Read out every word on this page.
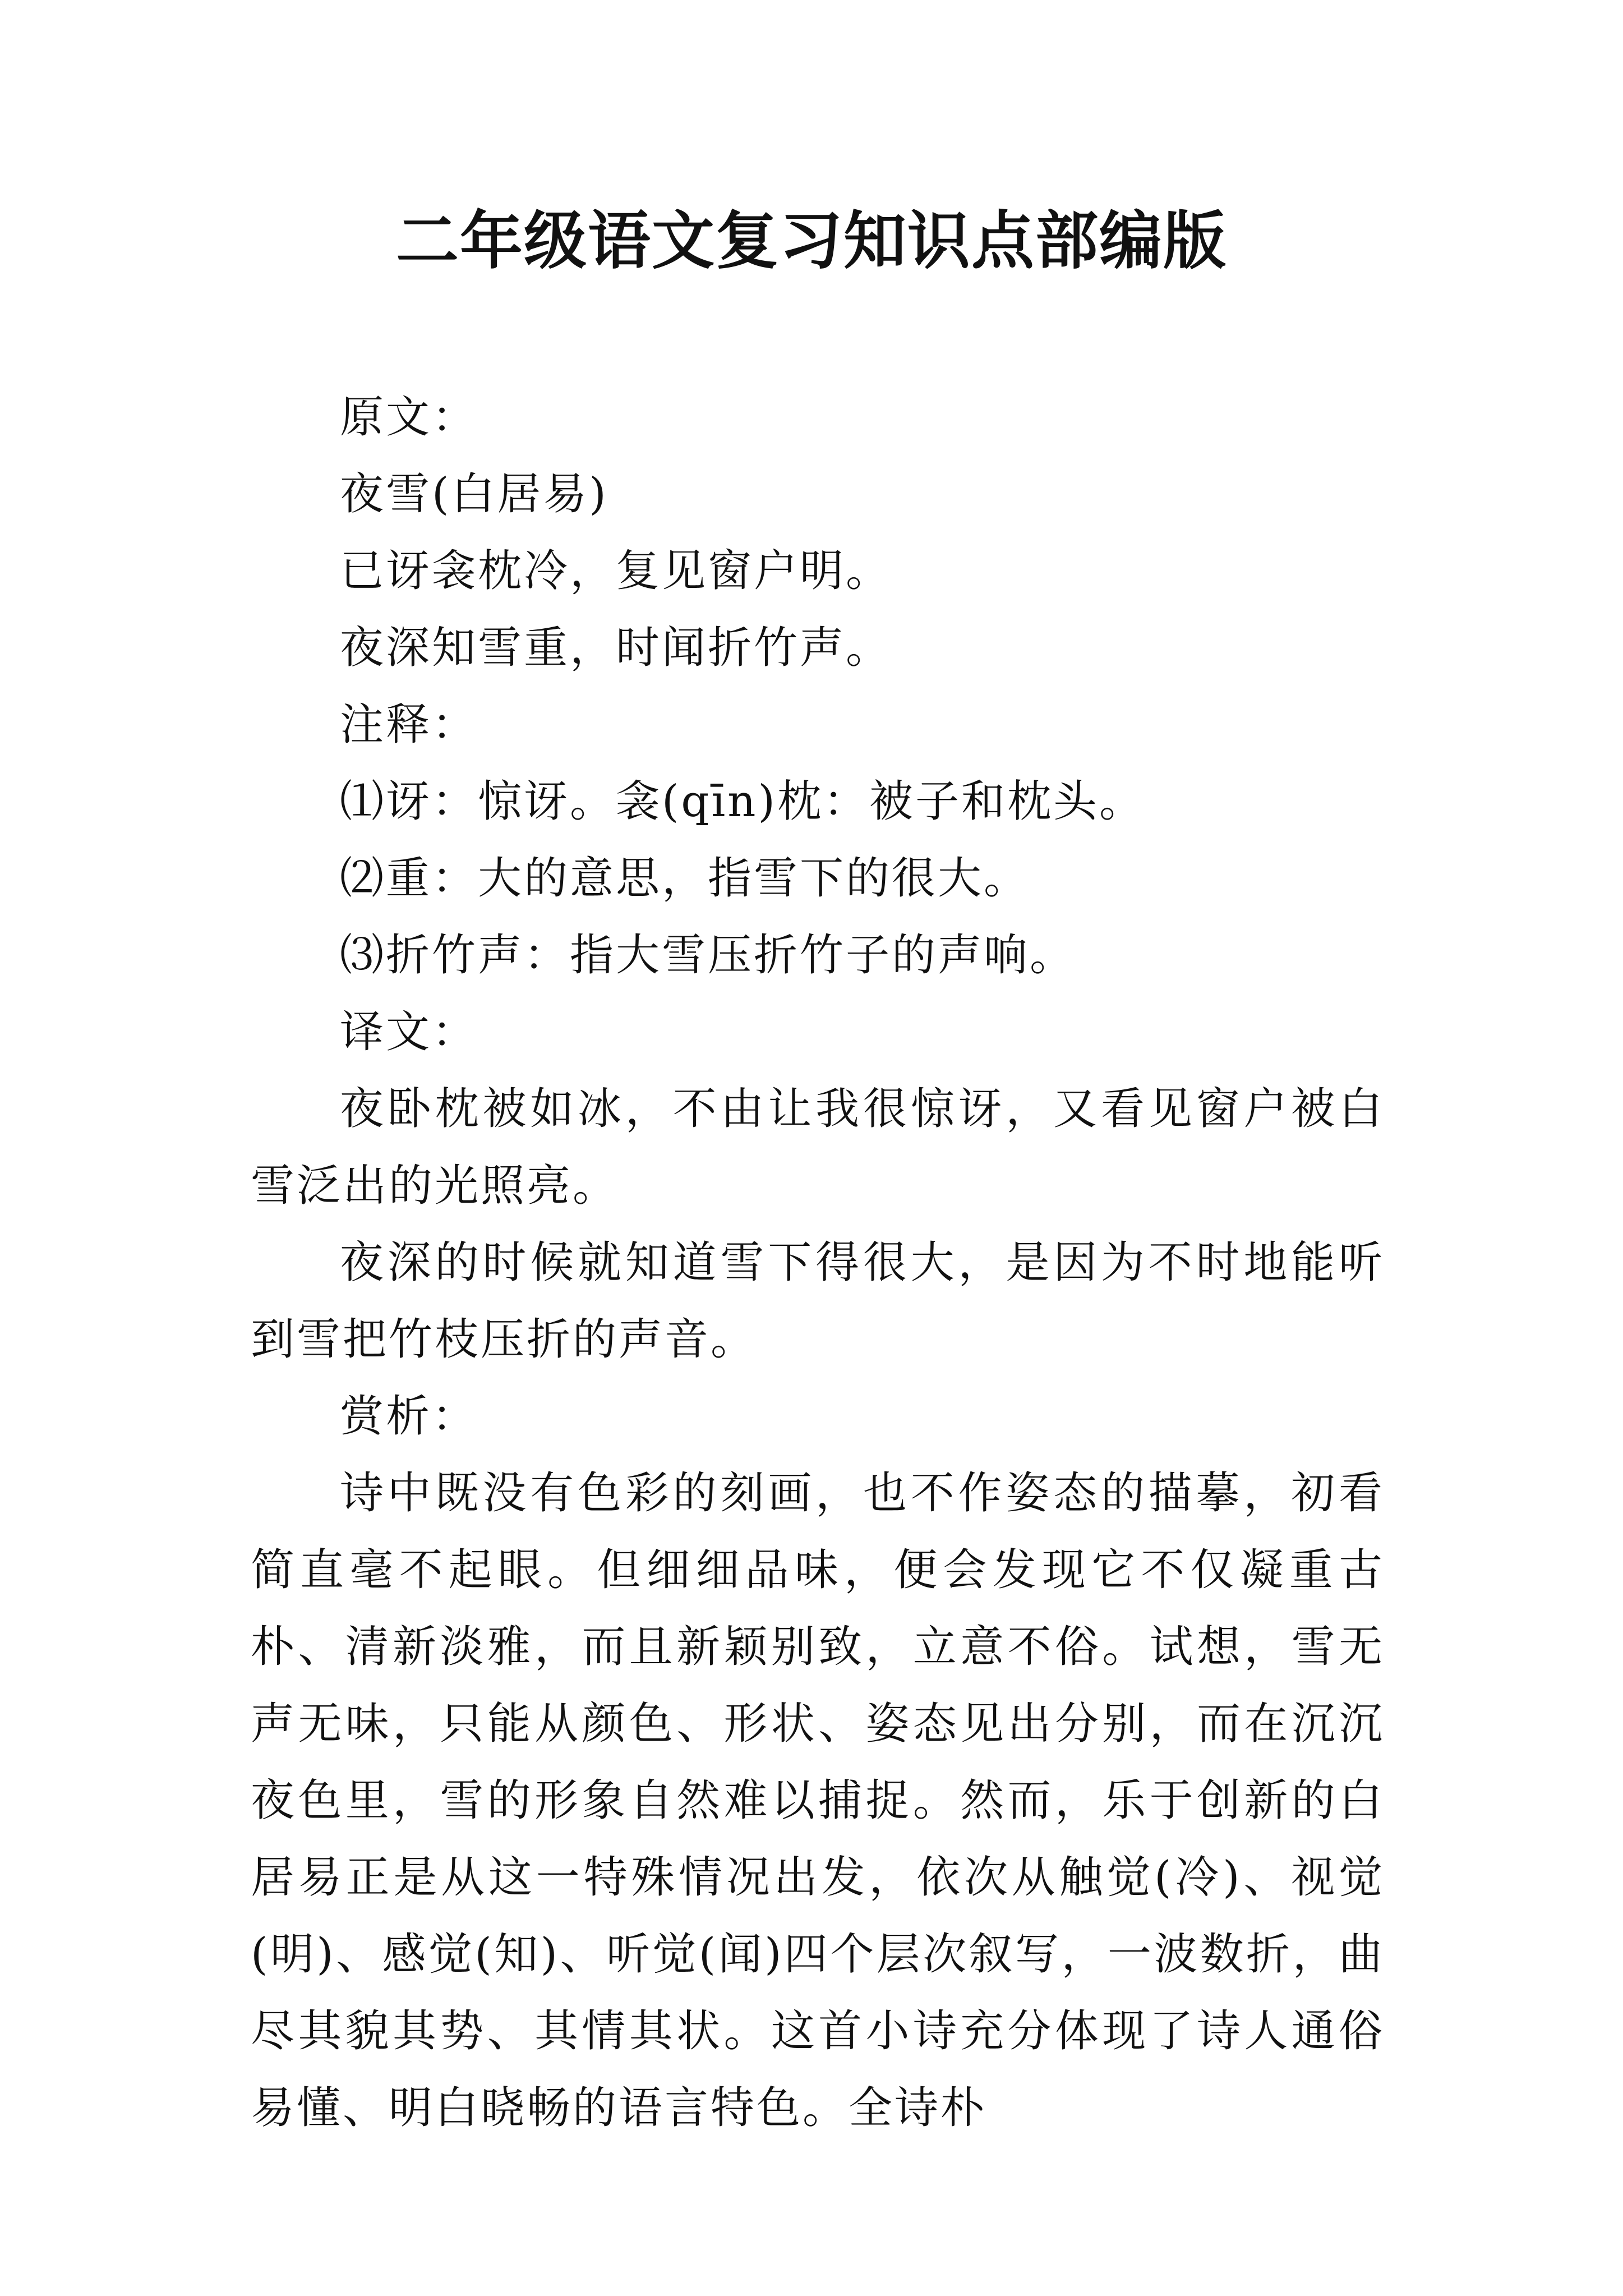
二年级语文复习知识点部编版

原文：

夜雪(白居易)

已讶衾枕冷，复见窗户明。

夜深知雪重，时闻折竹声。

注释：

⑴讶：惊讶。衾(qīn)枕：被子和枕头。

⑵重：大的意思，指雪下的很大。

⑶折竹声：指大雪压折竹子的声响。

译文：

夜卧枕被如冰，不由让我很惊讶，又看见窗户被白雪泛出的光照亮。

夜深的时候就知道雪下得很大，是因为不时地能听到雪把竹枝压折的声音。

赏析：

诗中既没有色彩的刻画，也不作姿态的描摹，初看简直毫不起眼。但细细品味，便会发现它不仅凝重古朴、清新淡雅，而且新颖别致，立意不俗。试想，雪无声无味，只能从颜色、形状、姿态见出分别，而在沉沉夜色里，雪的形象自然难以捕捉。然而，乐于创新的白居易正是从这一特殊情况出发，依次从触觉(冷)、视觉(明)、感觉(知)、听觉(闻)四个层次叙写，一波数折，曲尽其貌其势、其情其状。这首小诗充分体现了诗人通俗易懂、明白晓畅的语言特色。全诗朴
